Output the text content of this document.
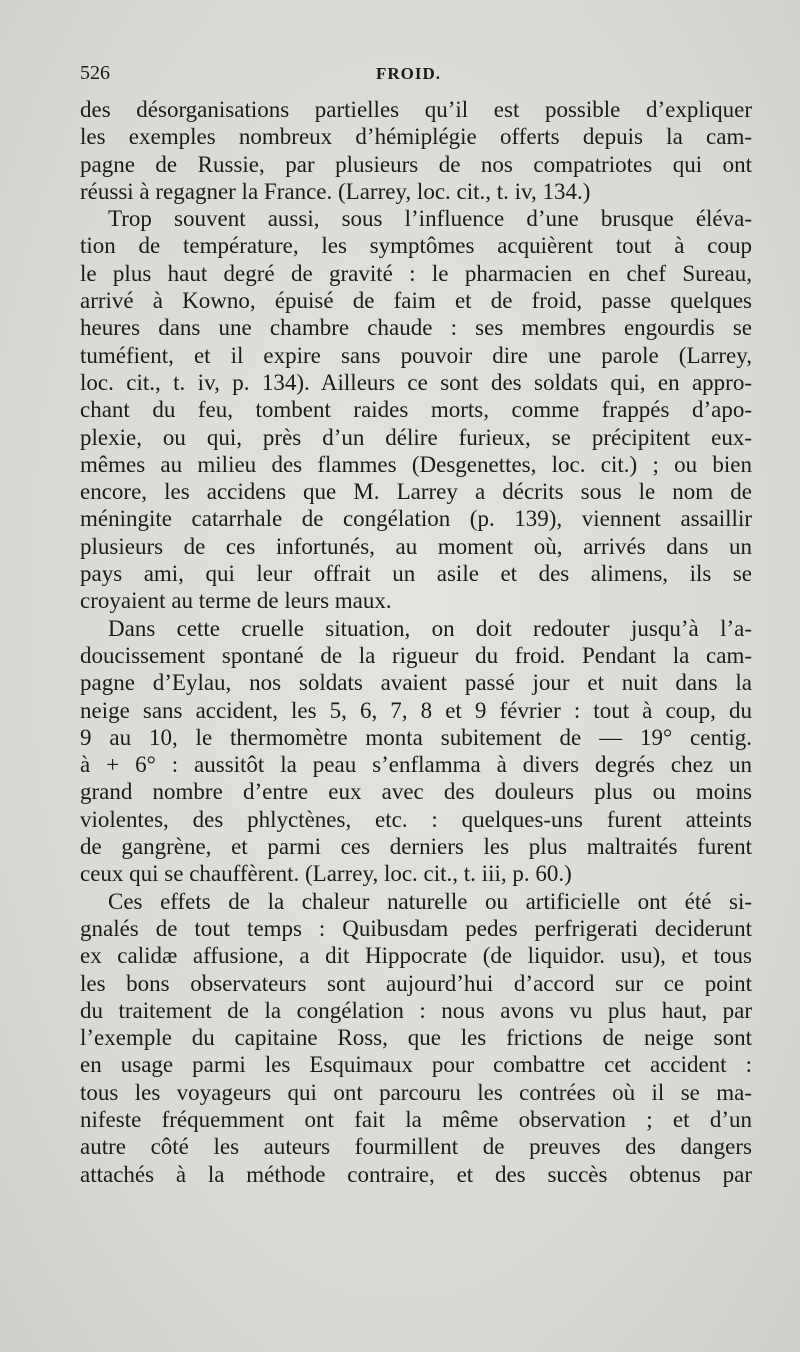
526	FROID.
des désorganisations partielles qu’il est possible d’expliquer
les exemples nombreux d’hémiplégie offerts depuis la cam-
pagne de Russie, par plusieurs de nos compatriotes qui ont
réussi à regagner la France. (Larrey, loc. cit., t. iv, 134.)
Trop souvent aussi, sous l’influence d’une brusque éléva-
tion de température, les symptômes acquièrent tout à coup
le plus haut degré de gravité : le pharmacien en chef Sureau,
arrivé à Kowno, épuisé de faim et de froid, passe quelques
heures dans une chambre chaude : ses membres engourdis se
tuméfient, et il expire sans pouvoir dire une parole (Larrey,
loc. cit., t. iv, p. 134). Ailleurs ce sont des soldats qui, en appro-
chant du feu, tombent raides morts, comme frappés d’apo-
plexie, ou qui, près d’un délire furieux, se précipitent eux-
mêmes au milieu des flammes (Desgenettes, loc. cit.) ; ou bien
encore, les accidens que M. Larrey a décrits sous le nom de
méningite catarrhale de congélation (p. 139), viennent assaillir
plusieurs de ces infortunés, au moment où, arrivés dans un
pays ami, qui leur offrait un asile et des alimens, ils se
croyaient au terme de leurs maux.
Dans cette cruelle situation, on doit redouter jusqu’à l’a-
doucissement spontané de la rigueur du froid. Pendant la cam-
pagne d’Eylau, nos soldats avaient passé jour et nuit dans la
neige sans accident, les 5, 6, 7, 8 et 9 février : tout à coup, du
9 au 10, le thermomètre monta subitement de — 19° centig.
à + 6° : aussitôt la peau s’enflamma à divers degrés chez un
grand nombre d’entre eux avec des douleurs plus ou moins
violentes, des phlyctènes, etc. : quelques-uns furent atteints
de gangrène, et parmi ces derniers les plus maltraités furent
ceux qui se chauffèrent. (Larrey, loc. cit., t. iii, p. 60.)
Ces effets de la chaleur naturelle ou artificielle ont été si-
gnalés de tout temps : Quibusdam pedes perfrigerati deciderunt
ex calidæ affusione, a dit Hippocrate (de liquidor. usu), et tous
les bons observateurs sont aujourd’hui d’accord sur ce point
du traitement de la congélation : nous avons vu plus haut, par
l’exemple du capitaine Ross, que les frictions de neige sont
en usage parmi les Esquimaux pour combattre cet accident :
tous les voyageurs qui ont parcouru les contrées où il se ma-
nifeste fréquemment ont fait la même observation ; et d’un
autre côté les auteurs fourmillent de preuves des dangers
attachés à la méthode contraire, et des succès obtenus par
